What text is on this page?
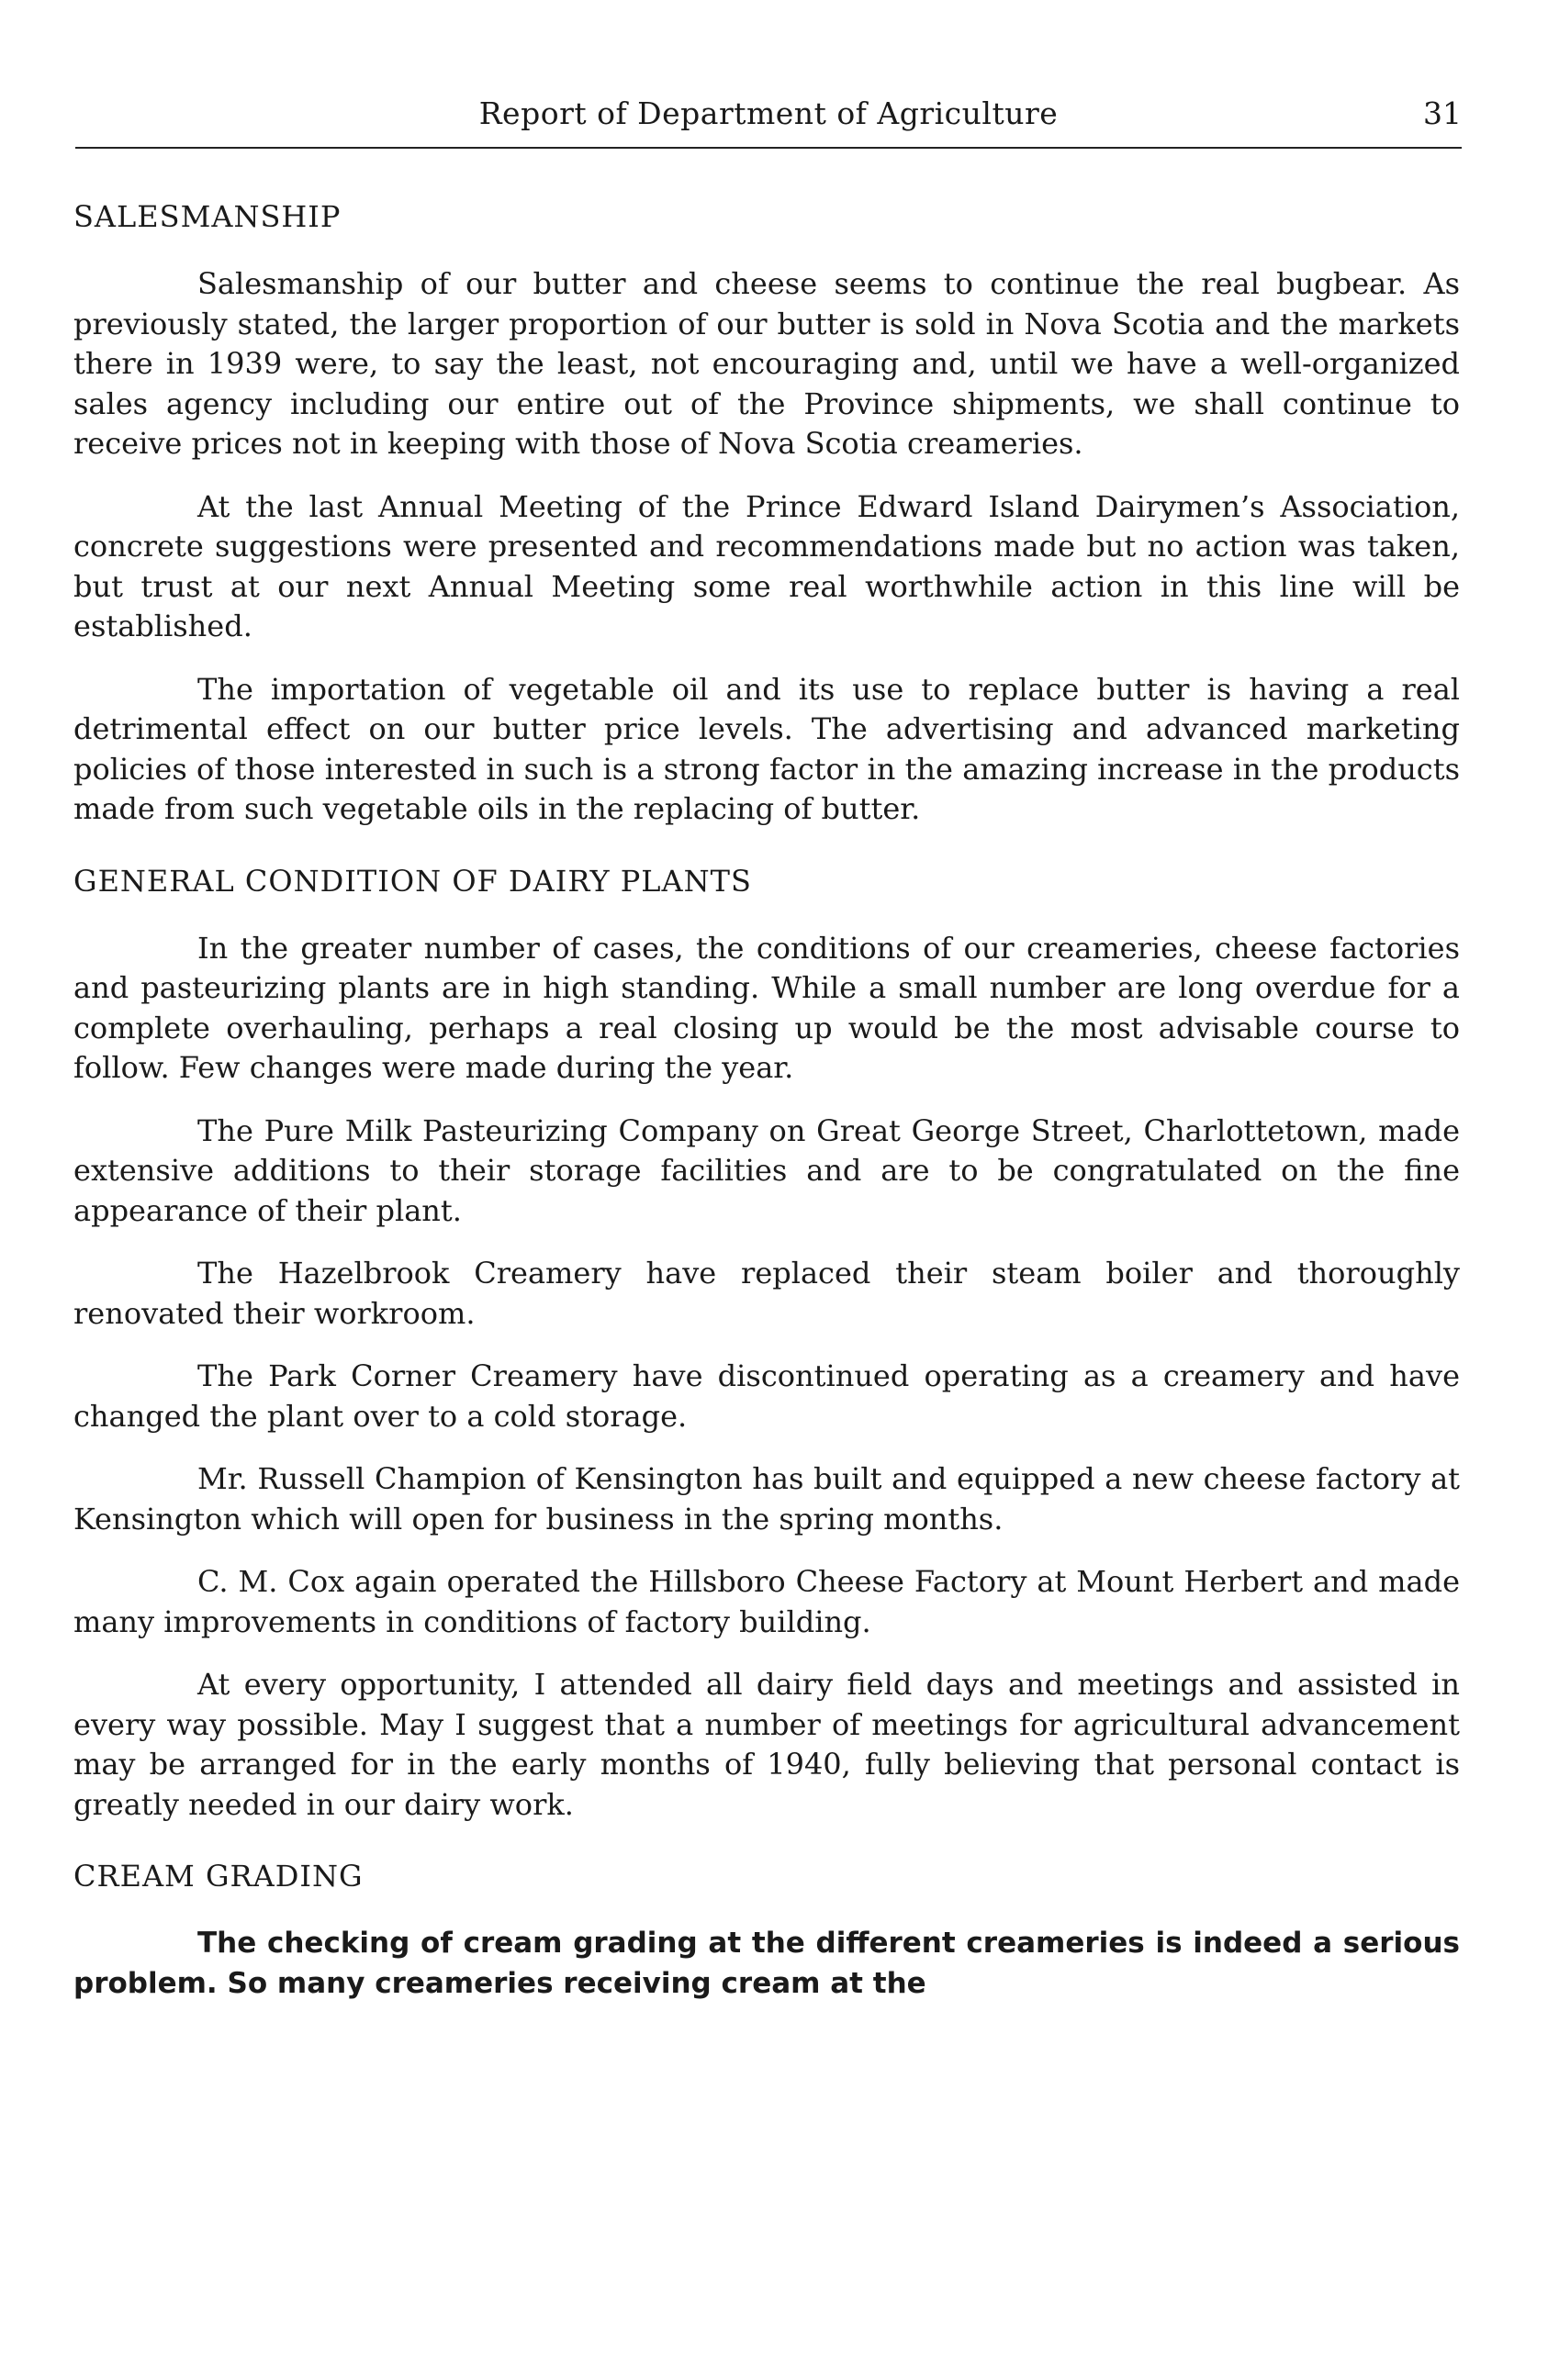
Report of Department of Agriculture	31
SALESMANSHIP

Salesmanship of our butter and cheese seems to continue the real bugbear. As previously stated, the larger proportion of our butter is sold in Nova Scotia and the markets there in 1939 were, to say the least, not encouraging and, until we have a well-organized sales agency including our entire out of the Province shipments, we shall continue to receive prices not in keeping with those of Nova Scotia creameries.

At the last Annual Meeting of the Prince Edward Island Dairymen’s Association, concrete suggestions were presented and recommendations made but no action was taken, but trust at our next Annual Meeting some real worthwhile action in this line will be established.

The importation of vegetable oil and its use to replace butter is having a real detrimental effect on our butter price levels. The advertising and advanced marketing policies of those interested in such is a strong factor in the amazing increase in the products made from such vegetable oils in the replacing of butter.

GENERAL CONDITION OF DAIRY PLANTS

In the greater number of cases, the conditions of our creameries, cheese factories and pasteurizing plants are in high standing. While a small number are long overdue for a complete overhauling, perhaps a real closing up would be the most advisable course to follow. Few changes were made during the year.

The Pure Milk Pasteurizing Company on Great George Street, Charlottetown, made extensive additions to their storage facilities and are to be congratulated on the fine appearance of their plant.

The Hazelbrook Creamery have replaced their steam boiler and thoroughly renovated their workroom.

The Park Corner Creamery have discontinued operating as a creamery and have changed the plant over to a cold storage.

Mr. Russell Champion of Kensington has built and equipped a new cheese factory at Kensington which will open for business in the spring months.

C. M. Cox again operated the Hillsboro Cheese Factory at Mount Herbert and made many improvements in conditions of factory building.

At every opportunity, I attended all dairy field days and meetings and assisted in every way possible. May I suggest that a number of meetings for agricultural advancement may be arranged for in the early months of 1940, fully believing that personal contact is greatly needed in our dairy work.

CREAM GRADING

The checking of cream grading at the different creameries is indeed a serious problem. So many creameries receiving cream at the
